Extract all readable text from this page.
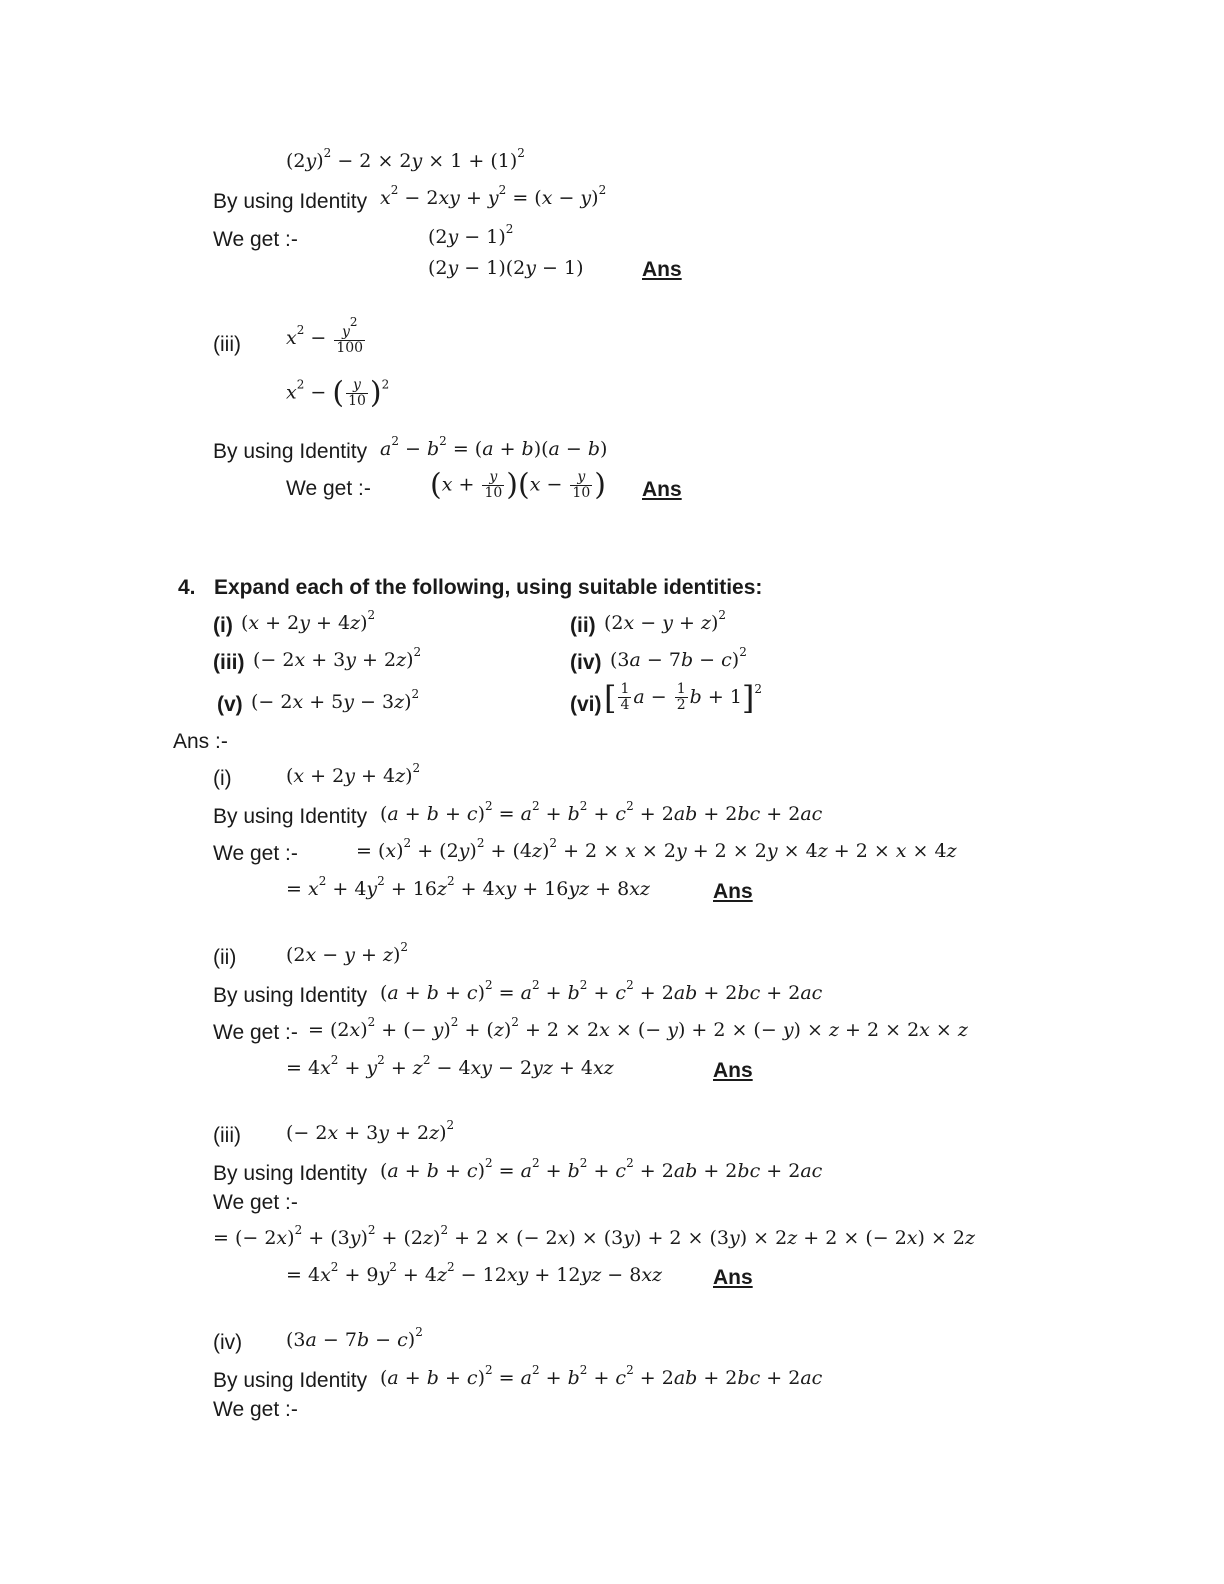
$(2y)^2 - 2 \times 2y \times 1 + (1)^2$
By using Identity $x^2 - 2xy + y^2 = (x - y)^2$
We get :-	$(2y - 1)^2$
(2y − 1)(2y − 1)	Ans
(iii) $x^2 - \frac{y^2}{100}$
$x^2$ − ( $\frac{y}{10} )^2$
By using Identity $a^2 - b^2 = (a + b)(a - b)$
We get :- $(x + \frac{y}{10} )(x - \frac{y}{10}$ ) Ans
4. Expand each of the following, using suitable identities:
(i) $(x + 2y + 4z)^2$	(ii) $(2x - y + z)^2$
(iii) (− 2x + 3y + 2z)$^2$	(iv) $(3a - 7b - c)^2$
(v) (− 2x + 5y − 3z)$^2$	(vi) [ $\frac{1}{4}$ $a - \frac{1}{2}$ b + 1]$^2$
Ans :-
(i)	$(x + 2y + 4z)^2$
By using Identity $(a + b + c)^2 = a^2 + b^2 + c^2 + 2ab + 2bc + 2ac$
We get :-	= $(x)^2 + (2y)^2 + (4z)^2 + 2 \times x \times 2y + 2 \times 2y \times 4z + 2 \times x \times 4z$
= $x^2 + 4y^2 + 16z^2 + 4xy + 16yz + 8xz$	Ans
(ii)	$(2x - y + z)^2$
By using Identity $(a + b + c)^2 = a^2 + b^2 + c^2 + 2ab + 2bc + 2ac$
We get :- = $(2x)^2$ + (− $y)^2 + (z)^2 + 2 \times 2x$ × (− y) + 2 × (− y) × z + 2 × 2x × z
= $4x^2 + y^2 + z^2 - 4xy - 2yz + 4xz$	Ans
(iii) (− 2x + 3y + 2z)$^2$
By using Identity $(a + b + c)^2 = a^2 + b^2 + c^2 + 2ab + 2bc + 2ac$
We get :-
= (− $2x)^2 + (3y)^2 + (2z)^2 + 2$ × (− 2x) × (3y) + 2 × (3y) × 2z + 2 × (− 2x) × 2z
= $4x^2 + 9y^2 + 4z^2 - 12xy + 12yz - 8xz$ Ans
(iv) $(3a - 7b - c)^2$
By using Identity $(a + b + c)^2 = a^2 + b^2 + c^2 + 2ab + 2bc + 2ac$
We get :-
